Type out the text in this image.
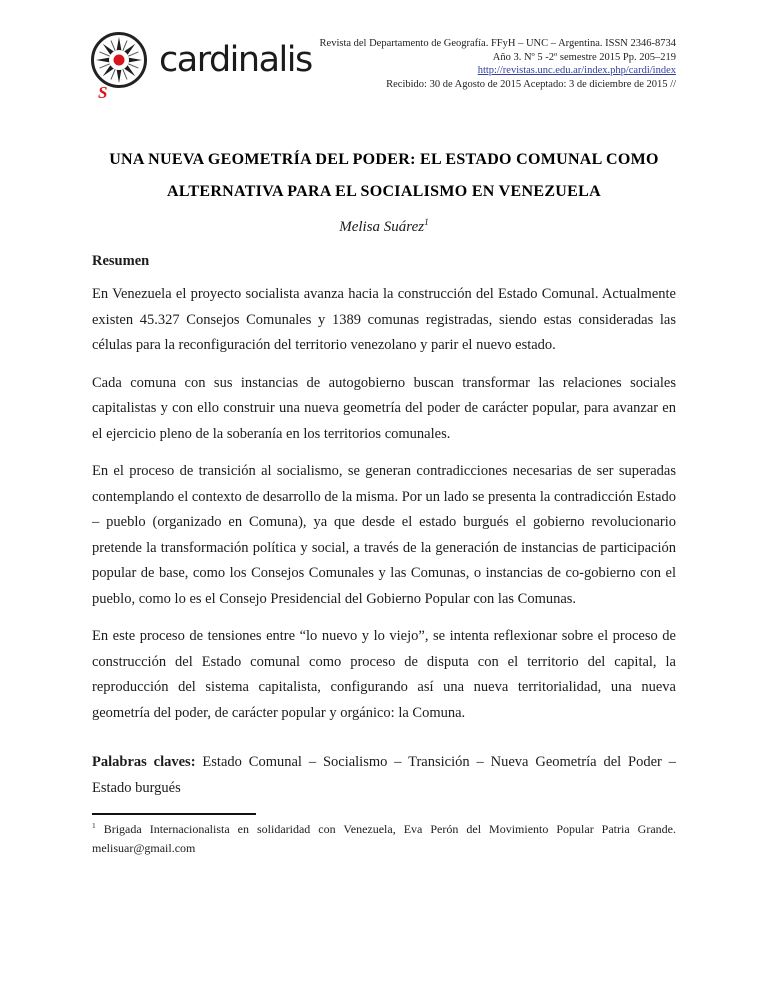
S
cardinalis Revista del Departamento de Geografía. FFyH – UNC – Argentina. ISSN 2346-8734
Año 3. Nº 5 -2º semestre 2015 Pp. 205–219
http://revistas.unc.edu.ar/index.php/cardi/index
Recibido: 30 de Agosto de 2015 Aceptado: 3 de diciembre de 2015 //
UNA NUEVA GEOMETRÍA DEL PODER: EL ESTADO COMUNAL COMO
ALTERNATIVA PARA EL SOCIALISMO EN VENEZUELA
Melisa Suárez$^1$
Resumen

En Venezuela el proyecto socialista avanza hacia la construcción del Estado Comunal. Actualmente existen 45.327 Consejos Comunales y 1389 comunas registradas, siendo estas consideradas las células para la reconfiguración del territorio venezolano y parir el nuevo estado.

Cada comuna con sus instancias de autogobierno buscan transformar las relaciones sociales capitalistas y con ello construir una nueva geometría del poder de carácter popular, para avanzar en el ejercicio pleno de la soberanía en los territorios comunales.

En el proceso de transición al socialismo, se generan contradicciones necesarias de ser superadas contemplando el contexto de desarrollo de la misma. Por un lado se presenta la contradicción Estado – pueblo (organizado en Comuna), ya que desde el estado burgués el gobierno revolucionario pretende la transformación política y social, a través de la generación de instancias de participación popular de base, como los Consejos Comunales y las Comunas, o instancias de co-gobierno con el pueblo, como lo es el Consejo Presidencial del Gobierno Popular con las Comunas.

En este proceso de tensiones entre “lo nuevo y lo viejo”, se intenta reflexionar sobre el proceso de construcción del Estado comunal como proceso de disputa con el territorio del capital, la reproducción del sistema capitalista, configurando así una nueva territorialidad, una nueva geometría del poder, de carácter popular y orgánico: la Comuna.

Palabras claves: Estado Comunal – Socialismo – Transición – Nueva Geometría del Poder – Estado burgués

$^1$ Brigada Internacionalista en solidaridad con Venezuela, Eva Perón del Movimiento Popular Patria Grande.
melisuar@gmail.com
